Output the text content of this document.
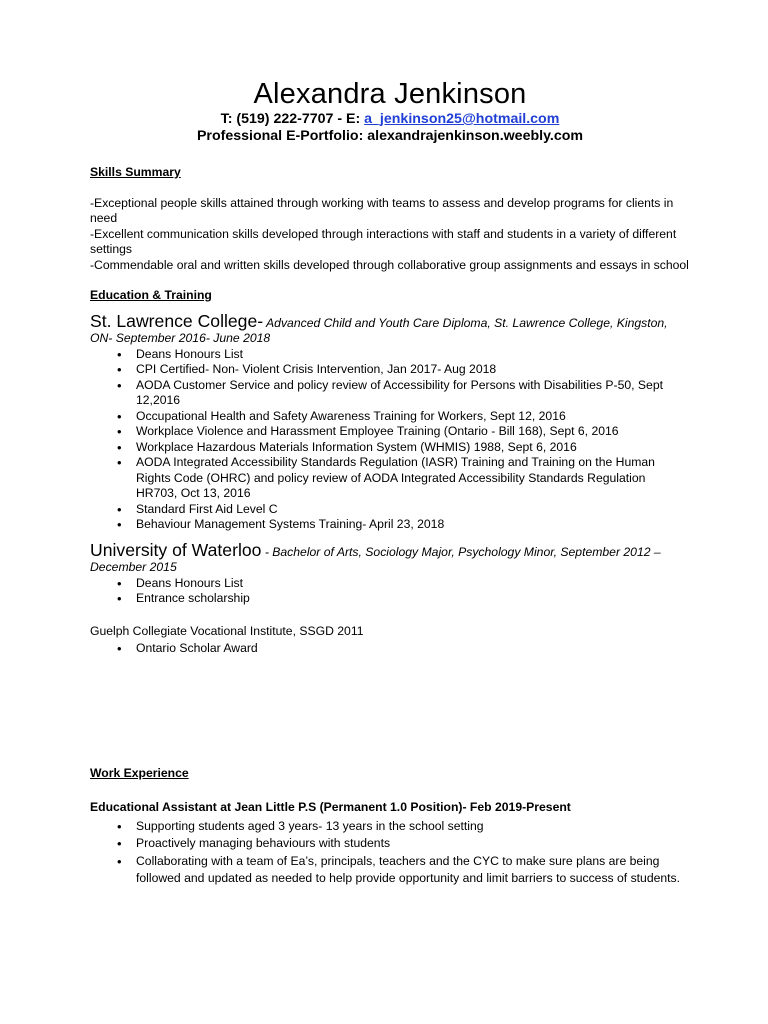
Alexandra Jenkinson

T: (519) 222-7707 - E: a_jenkinson25@hotmail.com

Professional E-Portfolio: alexandrajenkinson.weebly.com

Skills Summary

-Exceptional people skills attained through working with teams to assess and develop programs for clients in need

-Excellent communication skills developed through interactions with staff and students in a variety of different settings

-Commendable oral and written skills developed through collaborative group assignments and essays in school

Education & Training

St. Lawrence College- Advanced Child and Youth Care Diploma, St. Lawrence College, Kingston, ON- September 2016- June 2018

• Deans Honours List
• CPI Certified- Non- Violent Crisis Intervention, Jan 2017- Aug 2018
• AODA Customer Service and policy review of Accessibility for Persons with Disabilities P-50, Sept 12,2016
• Occupational Health and Safety Awareness Training for Workers, Sept 12, 2016
• Workplace Violence and Harassment Employee Training (Ontario - Bill 168), Sept 6, 2016
• Workplace Hazardous Materials Information System (WHMIS) 1988, Sept 6, 2016
• AODA Integrated Accessibility Standards Regulation (IASR) Training and Training on the Human Rights Code (OHRC) and policy review of AODA Integrated Accessibility Standards Regulation HR703, Oct 13, 2016
• Standard First Aid Level C
• Behaviour Management Systems Training- April 23, 2018

University of Waterloo - Bachelor of Arts, Sociology Major, Psychology Minor, September 2012 – December 2015

• Deans Honours List
• Entrance scholarship

Guelph Collegiate Vocational Institute, SSGD 2011

• Ontario Scholar Award

Work Experience

Educational Assistant at Jean Little P.S (Permanent 1.0 Position)- Feb 2019-Present

• Supporting students aged 3 years- 13 years in the school setting
• Proactively managing behaviours with students
• Collaborating with a team of Ea’s, principals, teachers and the CYC to make sure plans are being followed and updated as needed to help provide opportunity and limit barriers to success of students.
